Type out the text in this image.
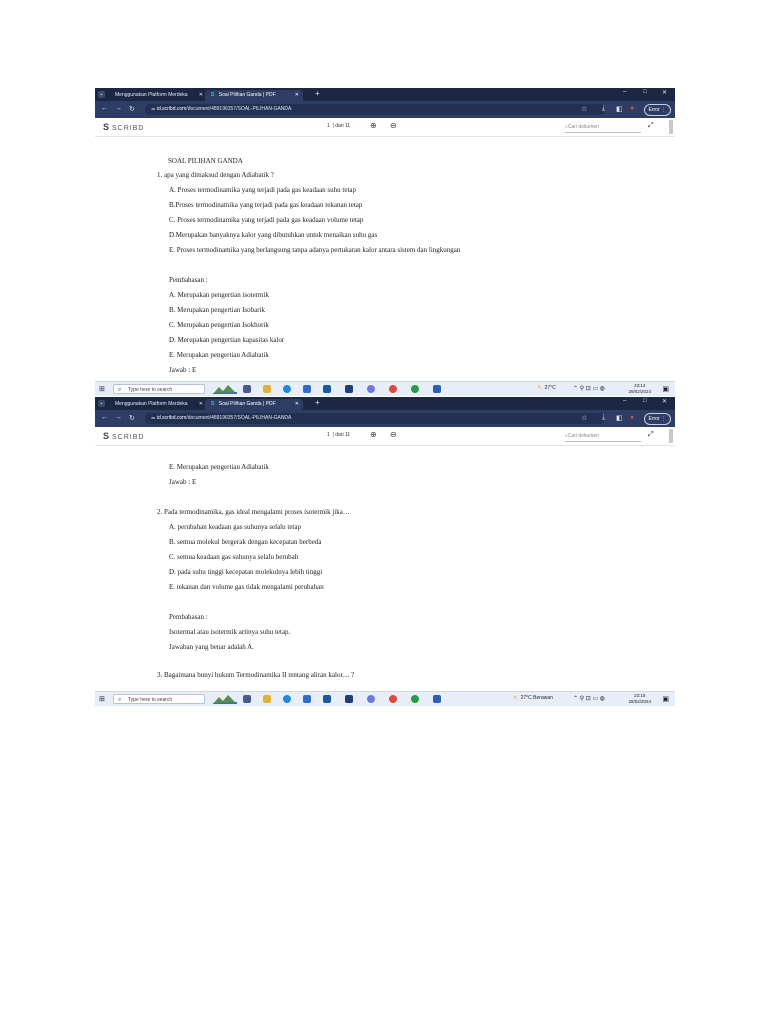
⌄	Menggunakan Platform Merdeka ✕	S Soal Pilihan Ganda | PDF	✕ +	–	□	✕
← → ↻	⚌ id.scribd.com/document/489196357/SOAL-PILIHAN-GANDA	☆ ⤓ ◧ ●	Error ⋮
S SCRIBD	1  | dari 11 ⊕ ⊖	⌕Cari dokumen	⤢
SOAL PILIHAN GANDA
1. apa yang dimaksud dengan Adiabatik ?
A. Proses termodinamika yang terjadi pada gas keadaan suhu tetap
B.Proses termodinamika yang terjadi pada gas keadaan tekanan tetap
C. Proses termodinamika yang terjadi pada gas keadaan volume tetap
D.Merupakan banyaknya kalor yang dibutuhkan untuk menaikan suhu gas
E. Proses termodinamika yang berlangsung tanpa adanya pertukaran kalor antara sistem dan lingkungan
Pembahasan :
A. Merupakan pengertian isotermik
B. Merupakan pengertian Isobarik
C. Merupakan pengertian Isokhorik
D. Merupakan pengertian kapasitas kalor
E. Merupakan pengertian Adiabatik
Jawab : E
⊞ ⌕ Type here to search	⛅ 27°C	⌃ ⚲ ⊡ ▭ ◍
23:14
28/02/2024 ▣
⌄	Menggunakan Platform Merdeka ✕	S Soal Pilihan Ganda | PDF	✕ +	–	□	✕
← → ↻	⚌ id.scribd.com/document/489196357/SOAL-PILIHAN-GANDA	☆ ⤓ ◧ ●	Error ⋮
S SCRIBD	1  | dari 11 ⊕ ⊖	⌕Cari dokumen	⤢
E. Merupakan pengertian Adiabatik
Jawab : E
2. Pada termodinamika, gas ideal mengalami proses isotermik jika…
A. perubahan keadaan gas suhunya selalu tetap
B. semua molekul bergerak dengan kecepatan berbeda
C. semua keadaan gas suhunya selalu berubah
D. pada suhu tinggi kecepatan molekulnya lebih tinggi
E. tekanan dan volume gas tidak mengalami perubahan
Pembahasan :
Isotermal atau isotermik artinya suhu tetap.
Jawaban yang benar adalah A.
3. Bagaimana bunyi hukum Termodinamika II tentang aliran kalor.... ?
⊞ ⌕ Type here to search	⛅ 27°C Berawan	⌃ ⚲ ⊡ ▭ ◍
23:15
28/02/2024 ▣
